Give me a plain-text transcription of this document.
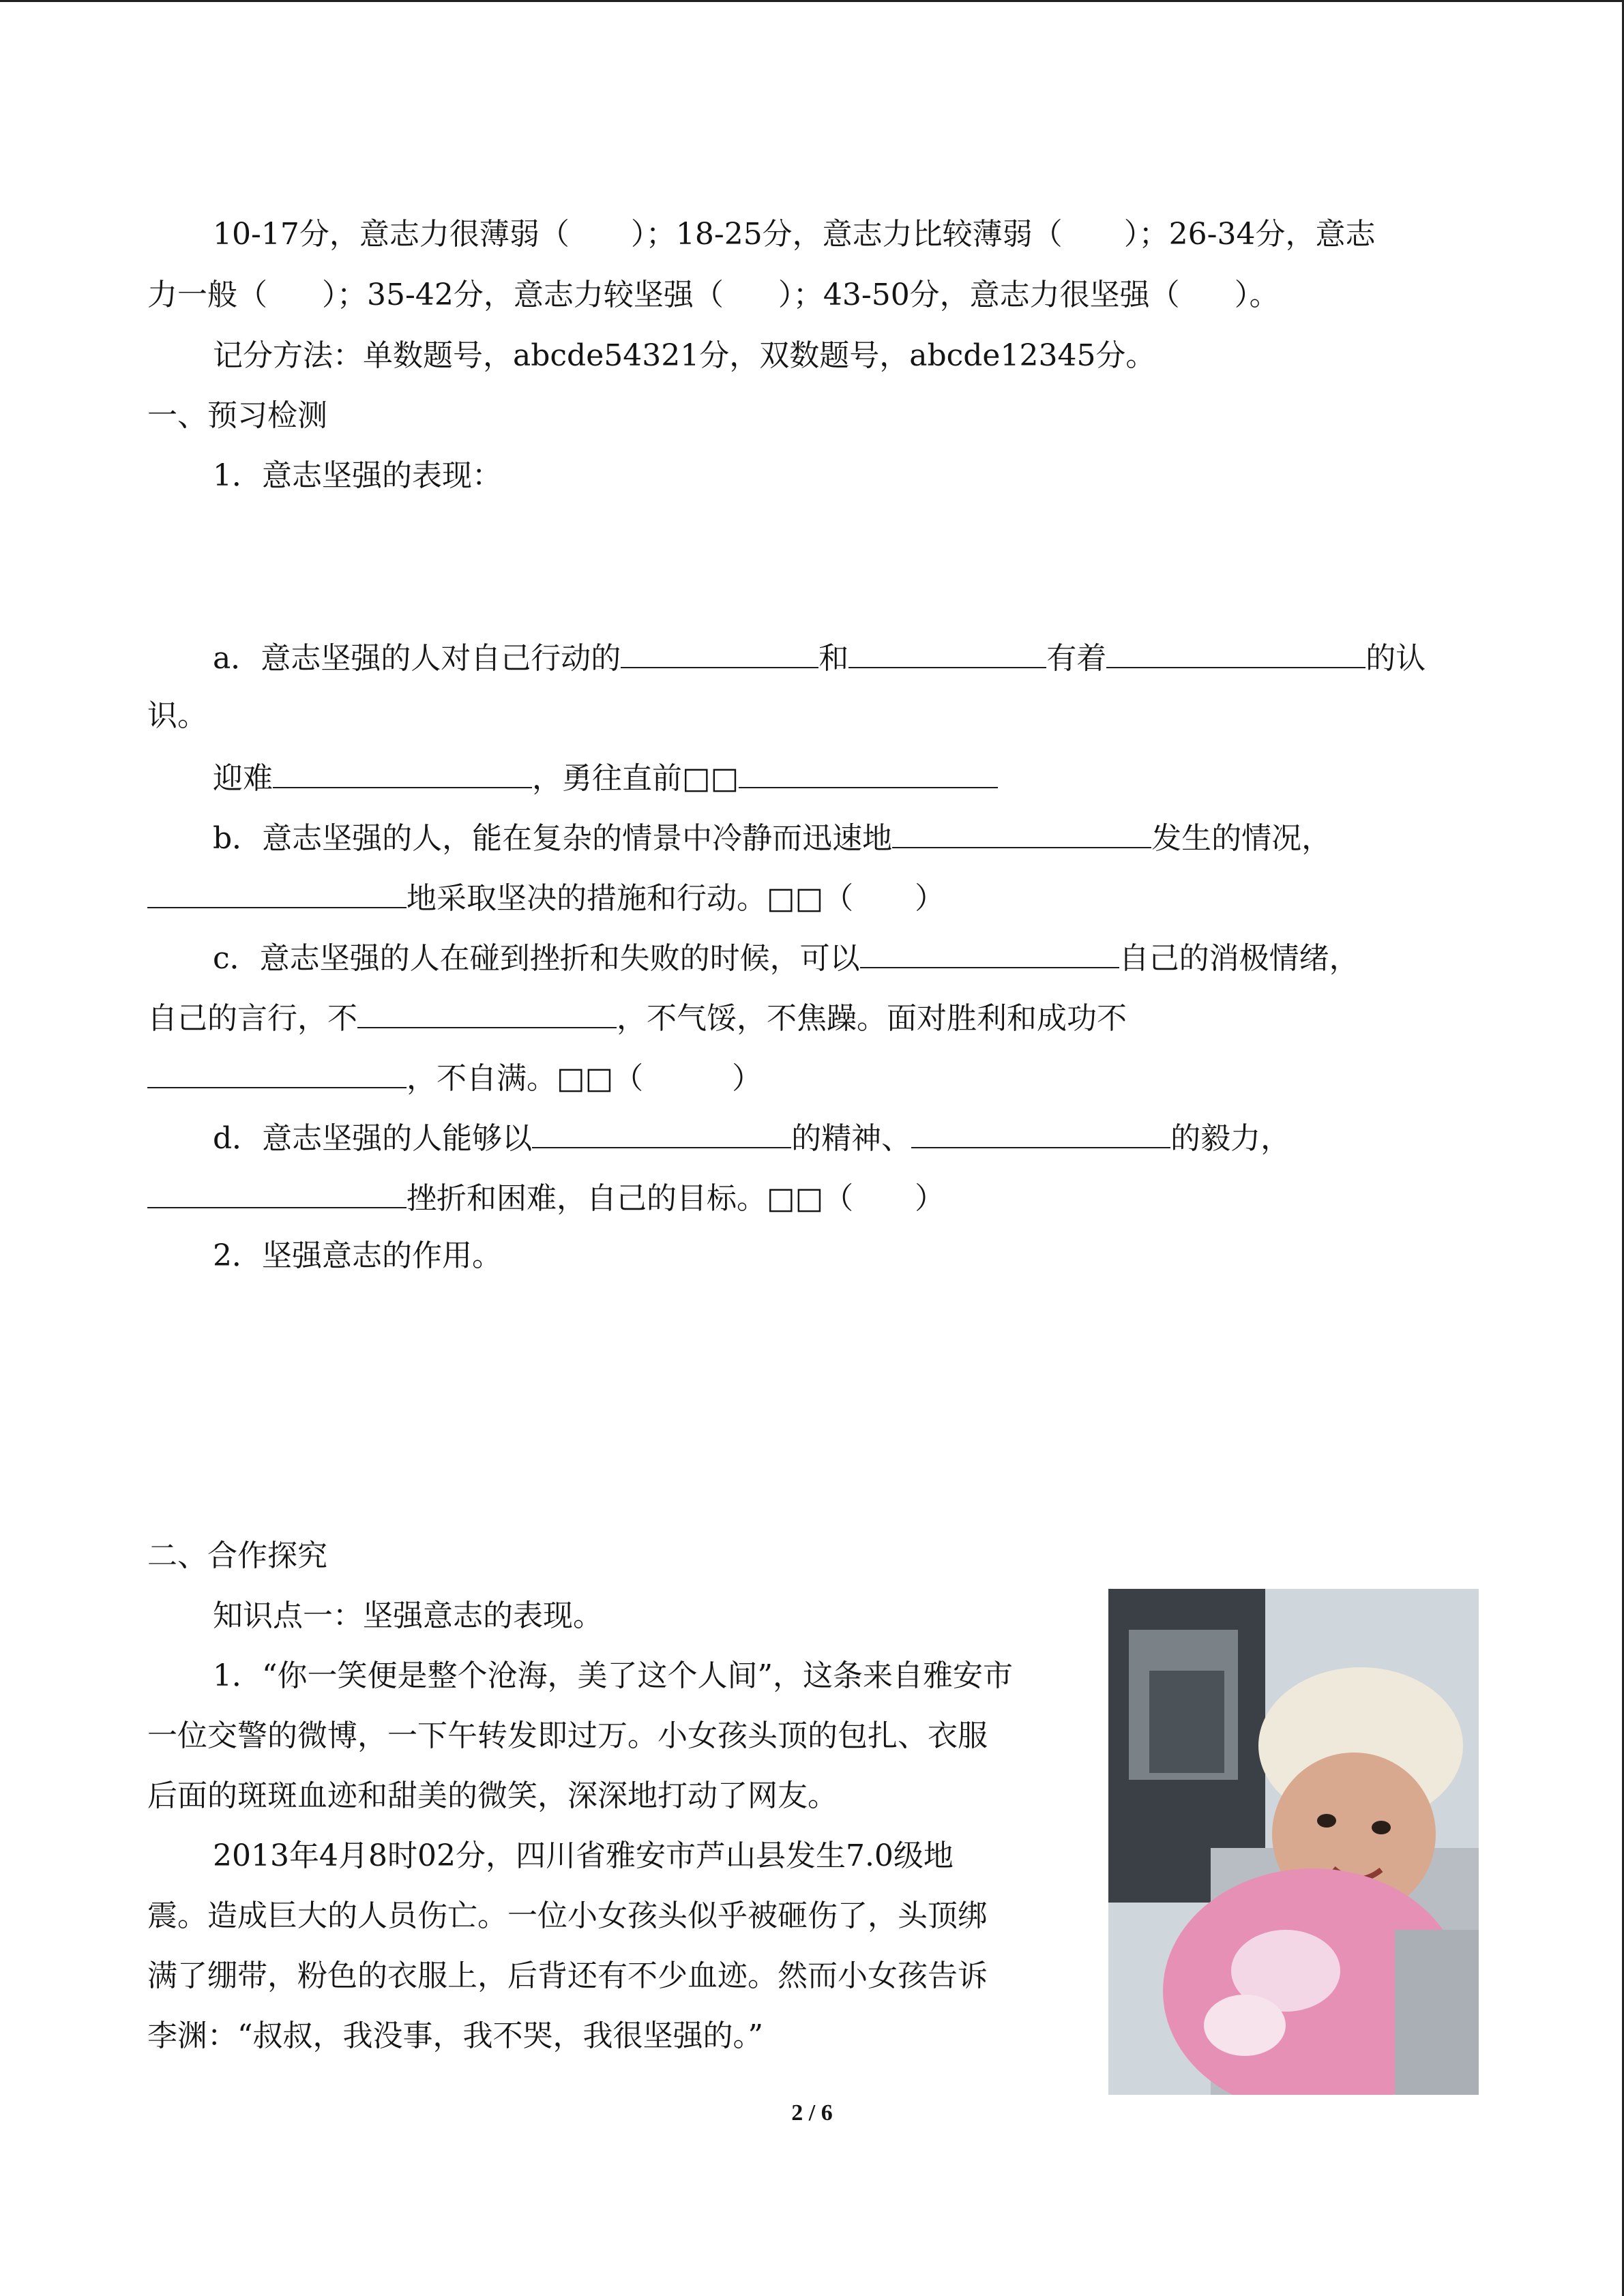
10-17分，意志力很薄弱（ ）；18-25分，意志力比较薄弱（ ）；26-34分，意志
力一般（ ）；35-42分，意志力较坚强（ ）；43-50分，意志力很坚强（ ）。
记分方法：单数题号，abcde54321分，双数题号，abcde12345分。
一、预习检测
1．意志坚强的表现：
a．意志坚强的人对自己行动的	和	有着	的认
识。
迎难	，勇往直前□□
b．意志坚强的人，能在复杂的情景中冷静而迅速地	发生的情况，
地采取坚决的措施和行动。□□（ ）
c．意志坚强的人在碰到挫折和失败的时候，可以	自己的消极情绪，
自己的言行，不	，不气馁，不焦躁。面对胜利和成功不
，不自满。□□（	）
d．意志坚强的人能够以	的精神、	的毅力，
挫折和困难，自己的目标。□□（ ）
2．坚强意志的作用。
二、合作探究
知识点一：坚强意志的表现。
1．“你一笑便是整个沧海，美了这个人间”，这条来自雅安市
一位交警的微博，一下午转发即过万。小女孩头顶的包扎、衣服
后面的斑斑血迹和甜美的微笑，深深地打动了网友。
2013年4月8时02分，四川省雅安市芦山县发生7.0级地
震。造成巨大的人员伤亡。一位小女孩头似乎被砸伤了，头顶绑
满了绷带，粉色的衣服上，后背还有不少血迹。然而小女孩告诉
李渊：“叔叔，我没事，我不哭，我很坚强的。”
2 / 6
